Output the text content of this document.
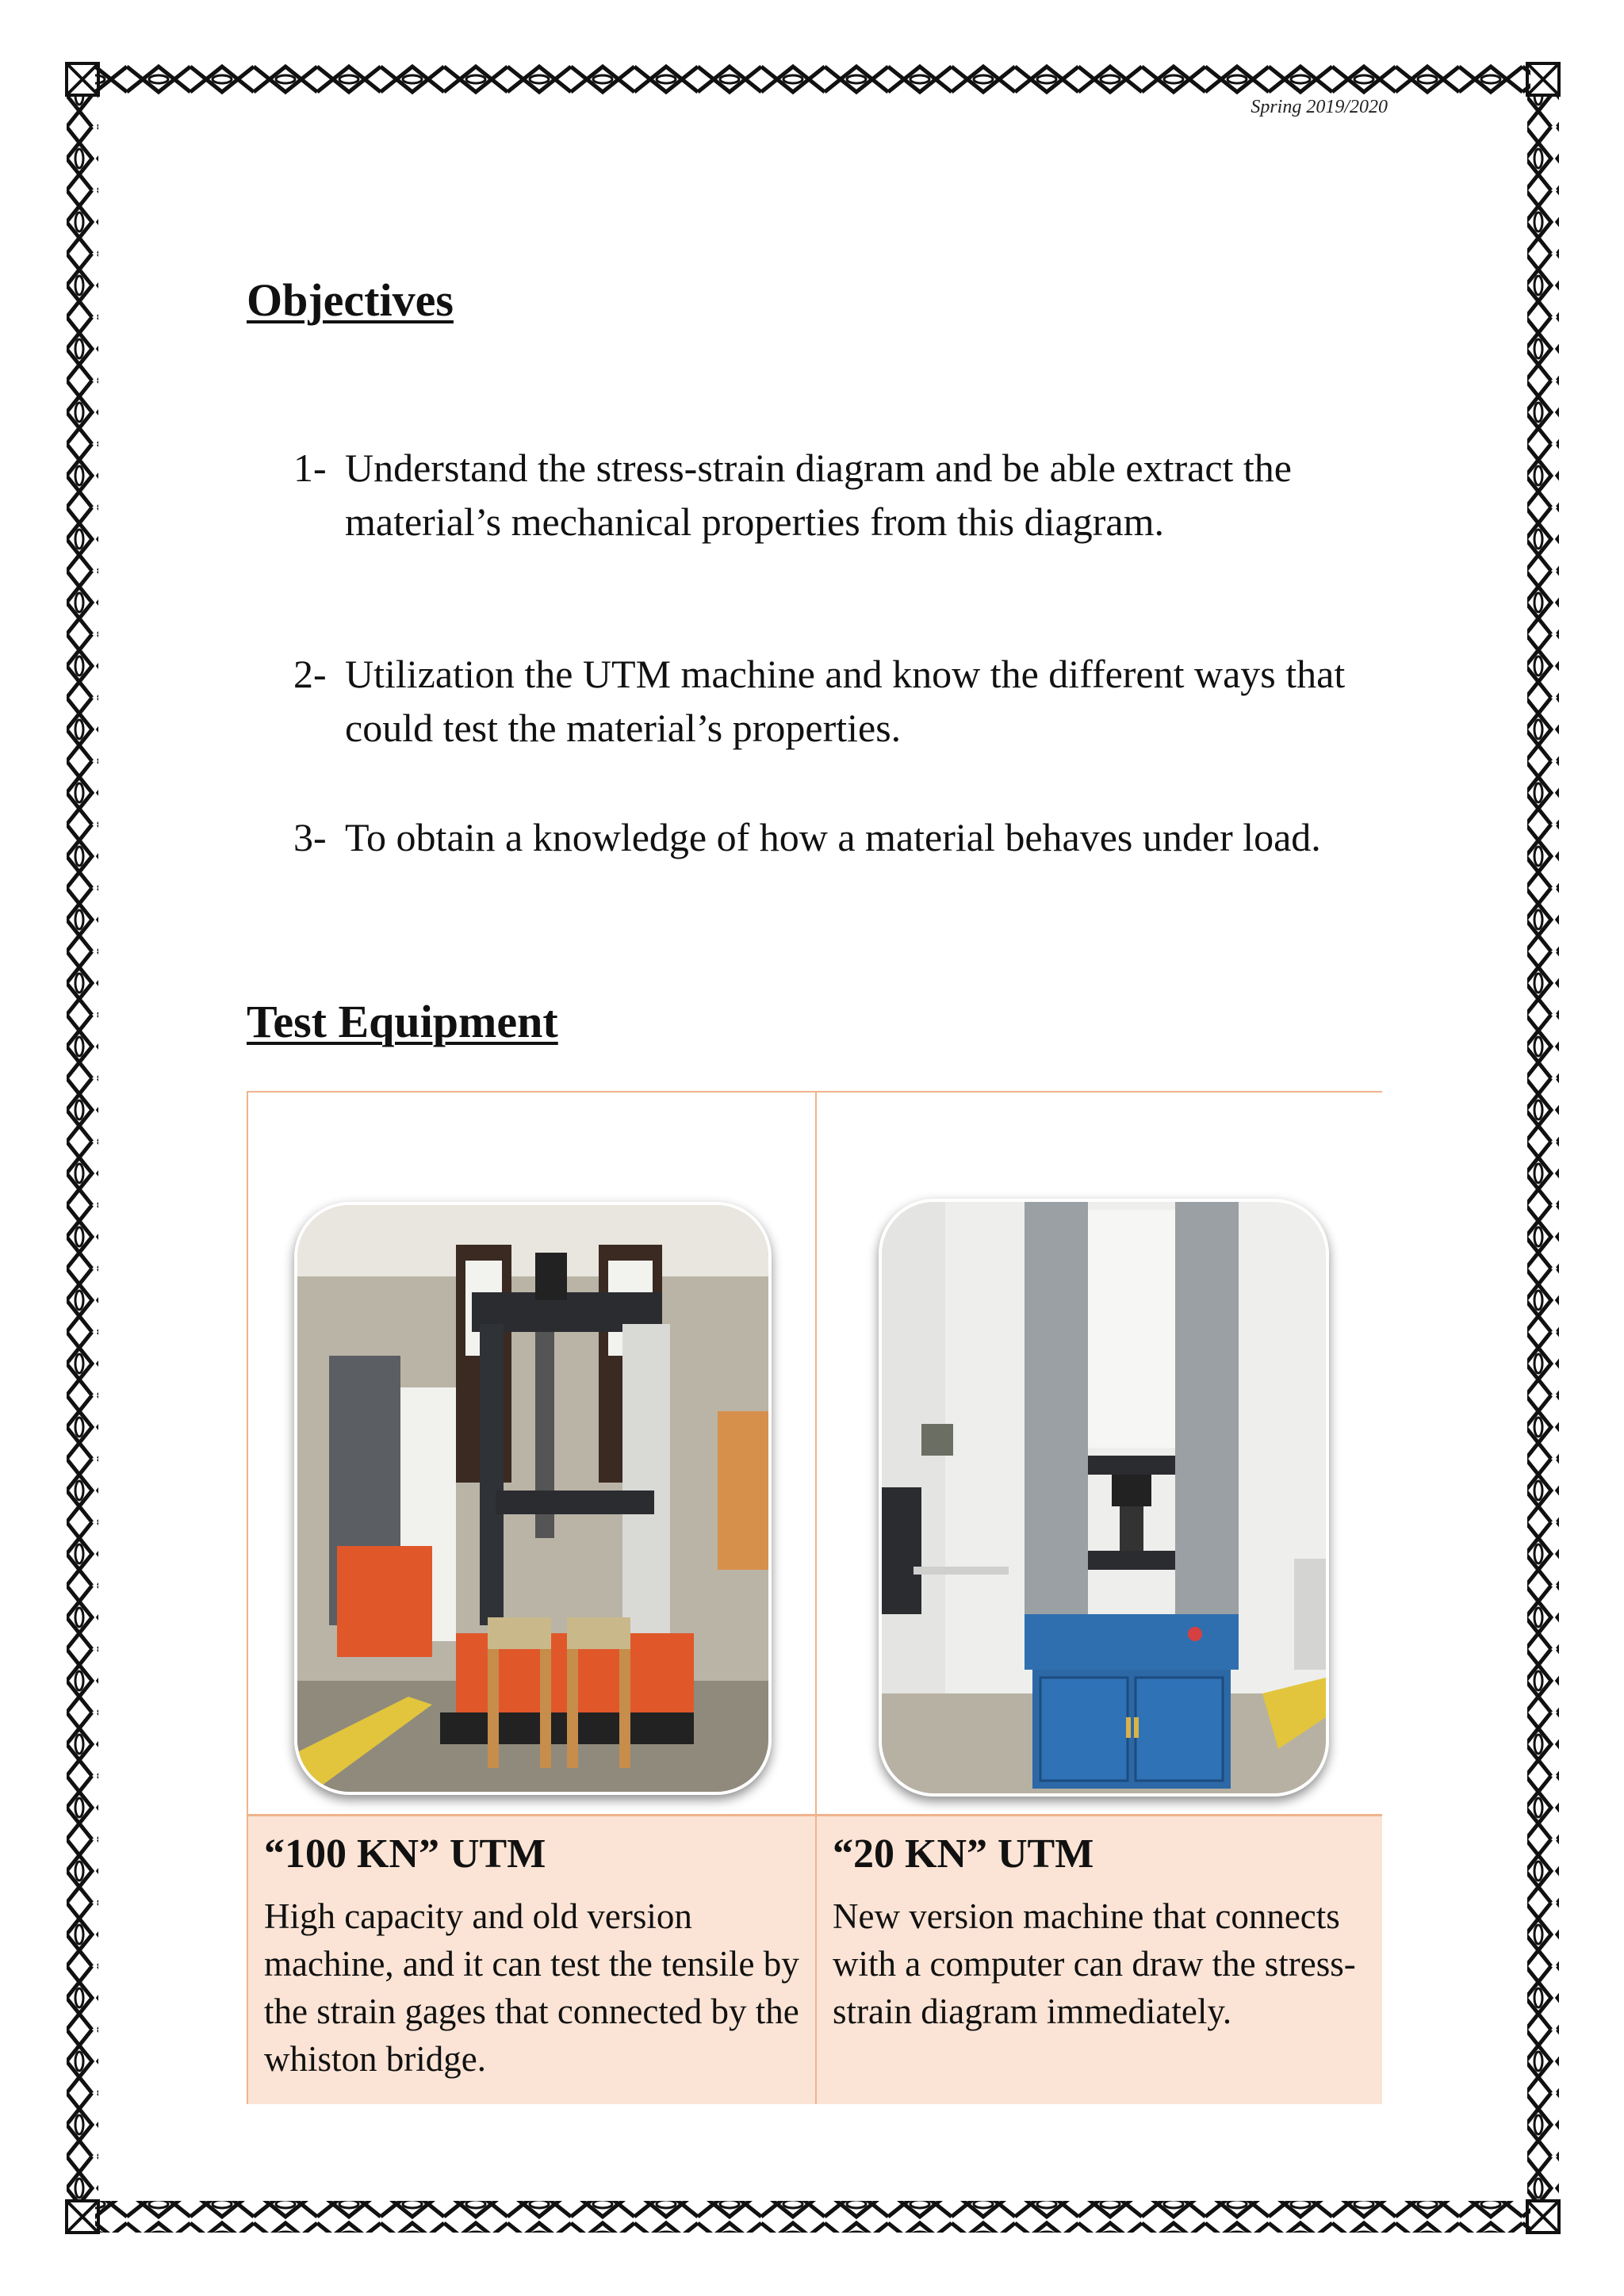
Spring 2019/2020
Objectives
1- Understand the stress-strain diagram and be able extract the material’s mechanical properties from this diagram.
2- Utilization the UTM machine and know the different ways that could test the material’s properties.
3- To obtain a knowledge of how a material behaves under load.
Test Equipment

“100 KN” UTM

High capacity and old version machine, and it can test the tensile by the strain gages that connected by the whiston bridge.

“20 KN” UTM

New version machine that connects with a computer can draw the stress-strain diagram immediately.
